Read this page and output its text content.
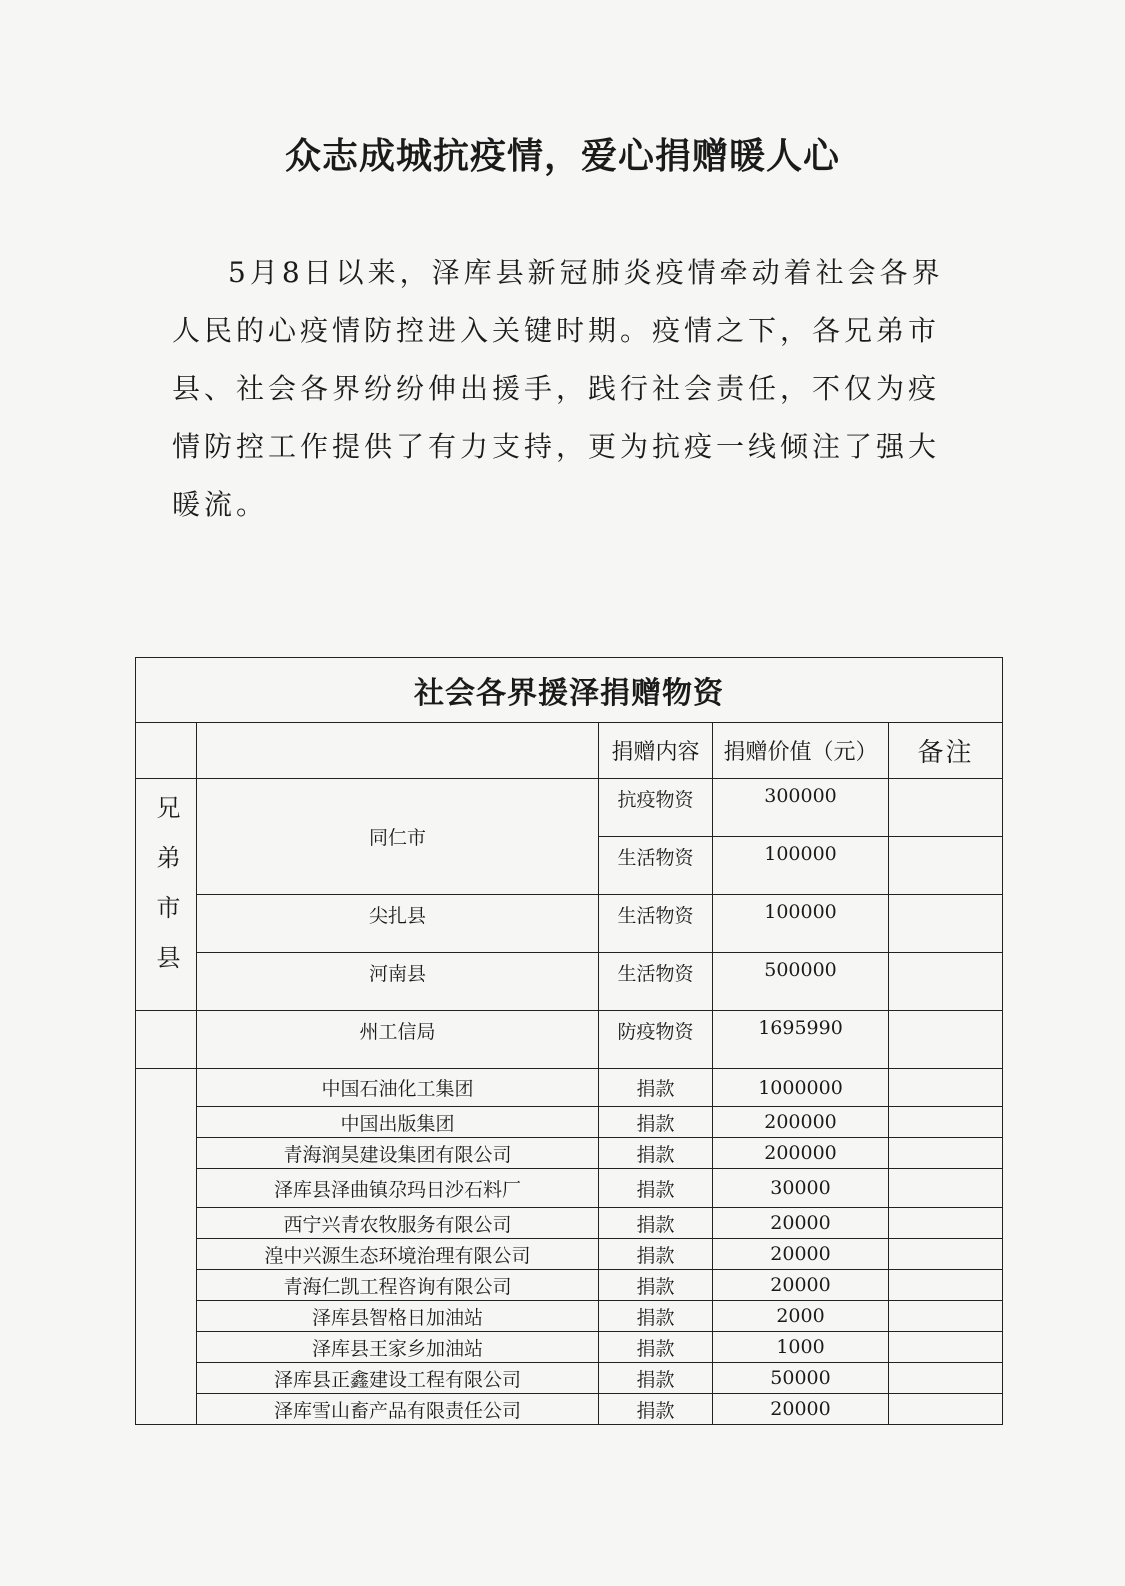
众志成城抗疫情，爱心捐赠暖人心

5月8日以来，泽库县新冠肺炎疫情牵动着社会各界人民的心疫情防控进入关键时期。疫情之下，各兄弟市县、社会各界纷纷伸出援手，践行社会责任，不仅为疫情防控工作提供了有力支持，更为抗疫一线倾注了强大暖流。

社会各界援泽捐赠物资				
		捐赠内容	捐赠价值（元）	备注
兄弟市县	同仁市	抗疫物资	300000	
		生活物资	100000	
	尖扎县	生活物资	100000	
	河南县	生活物资	500000	
	州工信局	防疫物资	1695990	
	中国石油化工集团	捐款	1000000	
	中国出版集团	捐款	200000	
	青海润昊建设集团有限公司	捐款	200000	
	泽库县泽曲镇尕玛日沙石料厂	捐款	30000	
	西宁兴青农牧服务有限公司	捐款	20000	
	湟中兴源生态环境治理有限公司	捐款	20000	
	青海仁凯工程咨询有限公司	捐款	20000	
	泽库县智格日加油站	捐款	2000	
	泽库县王家乡加油站	捐款	1000	
	泽库县正鑫建设工程有限公司	捐款	50000	
	泽库雪山畜产品有限责任公司	捐款	20000	
